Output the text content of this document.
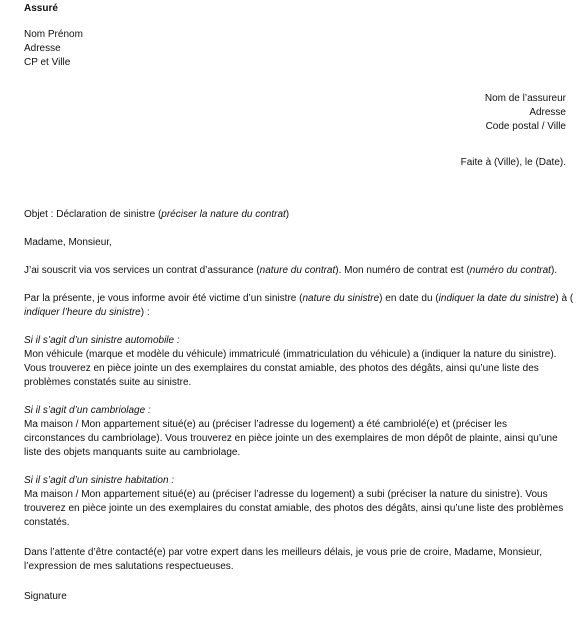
Assuré
Nom Prénom
Adresse
CP et Ville
Nom de l’assureur
Adresse
Code postal / Ville
Faite à (Ville), le (Date).
Objet : Déclaration de sinistre (préciser la nature du contrat)
Madame, Monsieur,
J’ai souscrit via vos services un contrat d’assurance (nature du contrat). Mon numéro de contrat est (numéro du contrat).
Par la présente, je vous informe avoir été victime d’un sinistre (nature du sinistre) en date du (indiquer la date du sinistre) à (
indiquer l’heure du sinistre) :
Si il s’agit d’un sinistre automobile :
Mon véhicule (marque et modèle du véhicule) immatriculé (immatriculation du véhicule) a (indiquer la nature du sinistre).
Vous trouverez en pièce jointe un des exemplaires du constat amiable, des photos des dégâts, ainsi qu’une liste des
problèmes constatés suite au sinistre.
Si il s’agit d’un cambriolage :
Ma maison / Mon appartement situé(e) au (préciser l’adresse du logement) a été cambriolé(e) et (préciser les
circonstances du cambriolage). Vous trouverez en pièce jointe un des exemplaires de mon dépôt de plainte, ainsi qu’une
liste des objets manquants suite au cambriolage.
Si il s’agit d’un sinistre habitation :
Ma maison / Mon appartement situé(e) au (préciser l’adresse du logement) a subi (préciser la nature du sinistre). Vous
trouverez en pièce jointe un des exemplaires du constat amiable, des photos des dégâts, ainsi qu’une liste des problèmes
constatés.
Dans l’attente d’être contacté(e) par votre expert dans les meilleurs délais, je vous prie de croire, Madame, Monsieur,
l’expression de mes salutations respectueuses.
Signature
